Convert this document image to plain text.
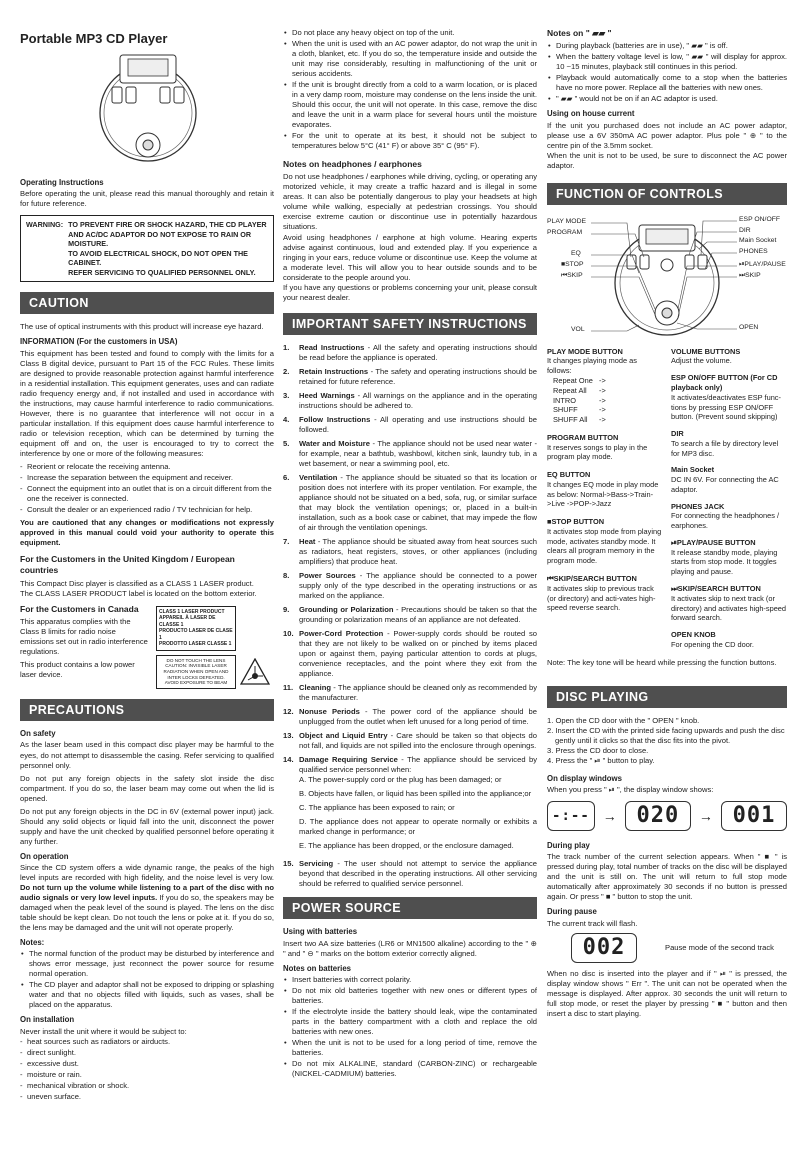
Portable MP3 CD Player
Operating Instructions

Before operating the unit, please read this manual thoroughly and retain it for future reference.

WARNING: TO PREVENT FIRE OR SHOCK HAZARD, THE CD PLAYER AND AC/DC ADAPTOR DO NOT EXPOSE TO RAIN OR MOISTURE.
TO AVOID ELECTRICAL SHOCK, DO NOT OPEN THE CABINET.
REFER SERVICING TO QUALIFIED PERSONNEL ONLY.
CAUTION

The use of optical instruments with this product will increase eye hazard.

INFORMATION (For the customers in USA)

This equipment has been tested and found to comply with the limits for a Class B digital device, pursuant to Part 15 of the FCC Rules. These limits are designed to provide reasonable protection against harmful interference in a residential installation. This equipment generates, uses and can radiate radio frequency energy and, if not installed and used in accordance with the instructions, may cause harmful interference to radio communications. However, there is no guarantee that interference will not occur in a particular installation. If this equipment does cause harmful interference to radio or television reception, which can be determined by turning the equipment off and on, the user is encouraged to try to correct the interference by one or more of the following measures:

- Reorient or relocate the receiving antenna.
- Increase the separation between the equipment and receiver.
- Connect the equipment into an outlet that is on a circuit different from the one the receiver is connected.
- Consult the dealer or an experienced radio / TV technician for help.

You are cautioned that any changes or modifications not expressly approved in this manual could void your authority to operate this equipment.

For the Customers in the United Kingdom / European countries

This Compact Disc player is classified as a CLASS 1 LASER product.

The CLASS LASER PRODUCT label is located on the bottom exterior.

For the Customers in Canada

This apparatus complies with the Class B limits for radio noise emissions set out in radio interference regulations.

This product contains a low power laser device.

CLASS 1 LASER PRODUCT
APPAREIL À LASER DE CLASSE 1
PRODUCTO LASER DE CLASE 1
PRODOTTO LASER CLASSE 1
DO NOT TOUCH THE LENS
CAUTION: INVISIBLE LASER
RADIATION WHEN OPEN AND
INTER LOCKS DEFEATED.
AVOID EXPOSURE TO BEAM
PRECAUTIONS
On safety

As the laser beam used in this compact disc player may be harmful to the eyes, do not attempt to disassemble the casing. Refer servicing to qualified personnel only.

Do not put any foreign objects in the safety slot inside the disc compartment. If you do so, the laser beam may come out when the lid is opened.

Do not put any foreign objects in the DC in 6V (external power input) jack. Should any solid objects or liquid fall into the unit, disconnect the power supply and have the unit checked by qualified personnel before operating it any further.

On operation

Since the CD system offers a wide dynamic range, the peaks of the high level inputs are recorded with high fidelity, and the noise level is very low. Do not turn up the volume while listening to a part of the disc with no audio signals or very low level inputs. If you do so, the speakers may be damaged when the peak level of the sound is played. The lens on the disc table should be kept clean. Do not touch the lens or poke at it. If you do so, the lens may be damaged and the unit will not operate properly.

Notes:
• The normal function of the product may be disturbed by interference and shows error message, just reconnect the power source for resume normal operation.
• The CD player and adaptor shall not be exposed to dripping or splashing water and that no objects filled with liquids, such as vases, shall be placed on the apparatus.
On installation

Never install the unit where it would be subject to:

- heat sources such as radiators or airducts.
- direct sunlight.
- excessive dust.
- moisture or rain.
- mechanical vibration or shock.
- uneven surface.
• Do not place any heavy object on top of the unit.
• When the unit is used with an AC power adaptor, do not wrap the unit in a cloth, blanket, etc. If you do so, the temperature inside and outside the unit may rise considerably, resulting in malfunctioning of the unit or serious accidents.
• If the unit is brought directly from a cold to a warm location, or is placed in a very damp room, moisture may condense on the lens inside the unit. Should this occur, the unit will not operate. In this case, remove the disc and leave the unit in a warm place for several hours until the moisture evaporates.
• For the unit to operate at its best, it should not be subject to temperatures below 5°C (41° F) or above 35° C (95° F).
Notes on headphones / earphones

Do not use headphones / earphones while driving, cycling, or operating any motorized vehicle, it may create a traffic hazard and is illegal in some areas. It can also be potentially dangerous to play your headsets at high volume while walking, especially at pedestrian crossings. You should exercise extreme caution or discontinue use in potentially hazardous situations.

Avoid using headphones / earphone at high volume. Hearing experts advise against continuous, loud and extended play. If you experience a ringing in your ears, reduce volume or discontinue use. Keep the volume at a moderate level. This will allow you to hear outside sounds and to be considerate to the people around you.

If you have any questions or problems concerning your unit, please consult your nearest dealer.

IMPORTANT SAFETY INSTRUCTIONS
1.	Read Instructions - All the safety and operating instructions should be read before the appliance is operated.
2.	Retain Instructions - The safety and operating instructions should be retained for future reference.
3.	Heed Warnings - All warnings on the appliance and in the operating instructions should be adhered to.
4.	Follow Instructions - All operating and use instructions should be followed.
5.	Water and Moisture - The appliance should not be used near water - for example, near a bathtub, washbowl, kitchen sink, laundry tub, in a wet basement, or near a swimming pool, etc.
6.	Ventilation - The appliance should be situated so that its location or position does not interfere with its proper ventilation. For example, the appliance should not be situated on a bed, sofa, rug, or similar surface that may block the ventilation openings; or, placed in a built-in installation, such as a book case or cabinet, that may impede the flow of air through the ventilation openings.
7.	Heat - The appliance should be situated away from heat sources such as radiators, heat registers, stoves, or other appliances (including amplifiers) that produce heat.
8.	Power Sources - The appliance should be connected to a power supply only of the type described in the operating instructions or as marked on the appliance.
9.	Grounding or Polarization - Precautions should be taken so that the grounding or polarization means of an appliance are not defeated.
10. Power-Cord Protection - Power-supply cords should be routed so that they are not likely to be walked on or pinched by items placed upon or against them, paying particular attention to cords at plugs, convenience receptacles, and the point where they exit from the appliance.
11. Cleaning - The appliance should be cleaned only as recommended by the manufacturer.
12. Nonuse Periods - The power cord of the appliance should be unplugged from the outlet when left unused for a long period of time.
13. Object and Liquid Entry - Care should be taken so that objects do not fall, and liquids are not spilled into the enclosure through openings.
14. Damage Requiring Service - The appliance should be serviced by qualified service personnel when:
A. The power-supply cord or the plug has been damaged; or
B. Objects have fallen, or liquid has been spilled into the appliance;or
C. The appliance has been exposed to rain; or
D. The appliance does not appear to operate normally or exhibits a marked change in performance; or
E. The appliance has been dropped, or the enclosure damaged.
15. Servicing - The user should not attempt to service the appliance beyond that described in the operating instructions. All other servicing should be referred to qualified service personnel.
POWER SOURCE
Using with batteries

Insert two AA size batteries (LR6 or MN1500 alkaline) according to the " ⊕ " and " ⊖ " marks on the bottom exterior correctly aligned.

Notes on batteries
• Insert batteries with correct polarity.
• Do not mix old batteries together with new ones or different types of batteries.
• If the electrolyte inside the battery should leak, wipe the contaminated parts in the battery compartment with a cloth and replace the old batteries with new ones.
• When the unit is not to be used for a long period of time, remove the batteries.
• Do not mix ALKALINE, standard (CARBON-ZINC) or rechargeable (NICKEL-CADMIUM) batteries.
Notes on " ▰▰ "
• During playback (batteries are in use), " ▰▰ " is off.
• When the battery voltage level is low, " ▰▰ " will display for approx. 10 ~15 minutes, playback still continues in this period.
• Playback would automatically come to a stop when the batteries have no more power. Replace all the batteries with new ones.
• " ▰▰ " would not be on if an AC adaptor is used.
Using on house current

If the unit you purchased does not include an AC power adaptor, please use a 6V 350mA AC power adaptor. Plus pole " ⊕ " to the centre pin of the 3.5mm socket.

When the unit is not to be used, be sure to disconnect the AC power adaptor.

FUNCTION OF CONTROLS
PLAY MODE
PROGRAM
EQ
■STOP
⏮SKIP
VOL
ESP ON/OFF
DIR
Main Socket
PHONES
⏯PLAY/PAUSE
⏭SKIP
OPEN
PLAY MODE BUTTON
It changes playing mode as follows:
Repeat One ->
Repeat All	->
INTRO	->
SHUFF	->
SHUFF All	->
PROGRAM BUTTON
It reserves songs to play in the program play mode.
EQ BUTTON
It changes EQ mode in play mode as below: Normal->Bass->Train->Live ->POP->Jazz
■STOP BUTTON
It activates stop mode from playing mode, activates standby mode. It clears all program memory in the program mode.
⏮SKIP/SEARCH BUTTON
It activates skip to previous track (or directory) and acti-vates high-speed reverse search.
VOLUME BUTTONS
Adjust the volume.
ESP ON/OFF BUTTON (For CD playback only)
It activates/deactivates ESP func-tions by pressing ESP ON/OFF button. (Prevent sound skipping)
DIR
To search a file by directory level for MP3 disc.
Main Socket
DC IN 6V. For connecting the AC adaptor.
PHONES JACK
For connecting the headphones / earphones.
⏯PLAY/PAUSE BUTTON
It release standby mode, playing starts from stop mode. It toggles playing and pause.
⏭SKIP/SEARCH BUTTON
It activates skip to next track (or directory) and activates high-speed forward search.
OPEN KNOB
For opening the CD door.

Note: The key tone will be heard while pressing the function buttons.

DISC PLAYING
1. Open the CD door with the " OPEN " knob.
2. Insert the CD with the printed side facing upwards and push the disc gently until it clicks so that the disc fits into the pivot.
3. Press the CD door to close.
4. Press the " ⏯ " button to play.
On display windows

When you press " ⏯ ", the display window shows:

-:-- → 020	→ 001
During play

The track number of the current selection appears. When " ■ " is pressed during play, total number of tracks on the disc will be displayed and the unit is still on. The unit will return to full stop mode automatically after approximately 30 seconds if no button is pressed again. Or press " ■ " button to stop the unit.

During pause

The current track will flash.

002	Pause mode of the second track

When no disc is inserted into the player and if " ⏯ " is pressed, the display window shows " Err ". The unit can not be operated when the message is displayed. After approx. 30 seconds the unit will return to full stop mode, or reset the player by pressing " ■ " button and then insert a disc to start playing.
